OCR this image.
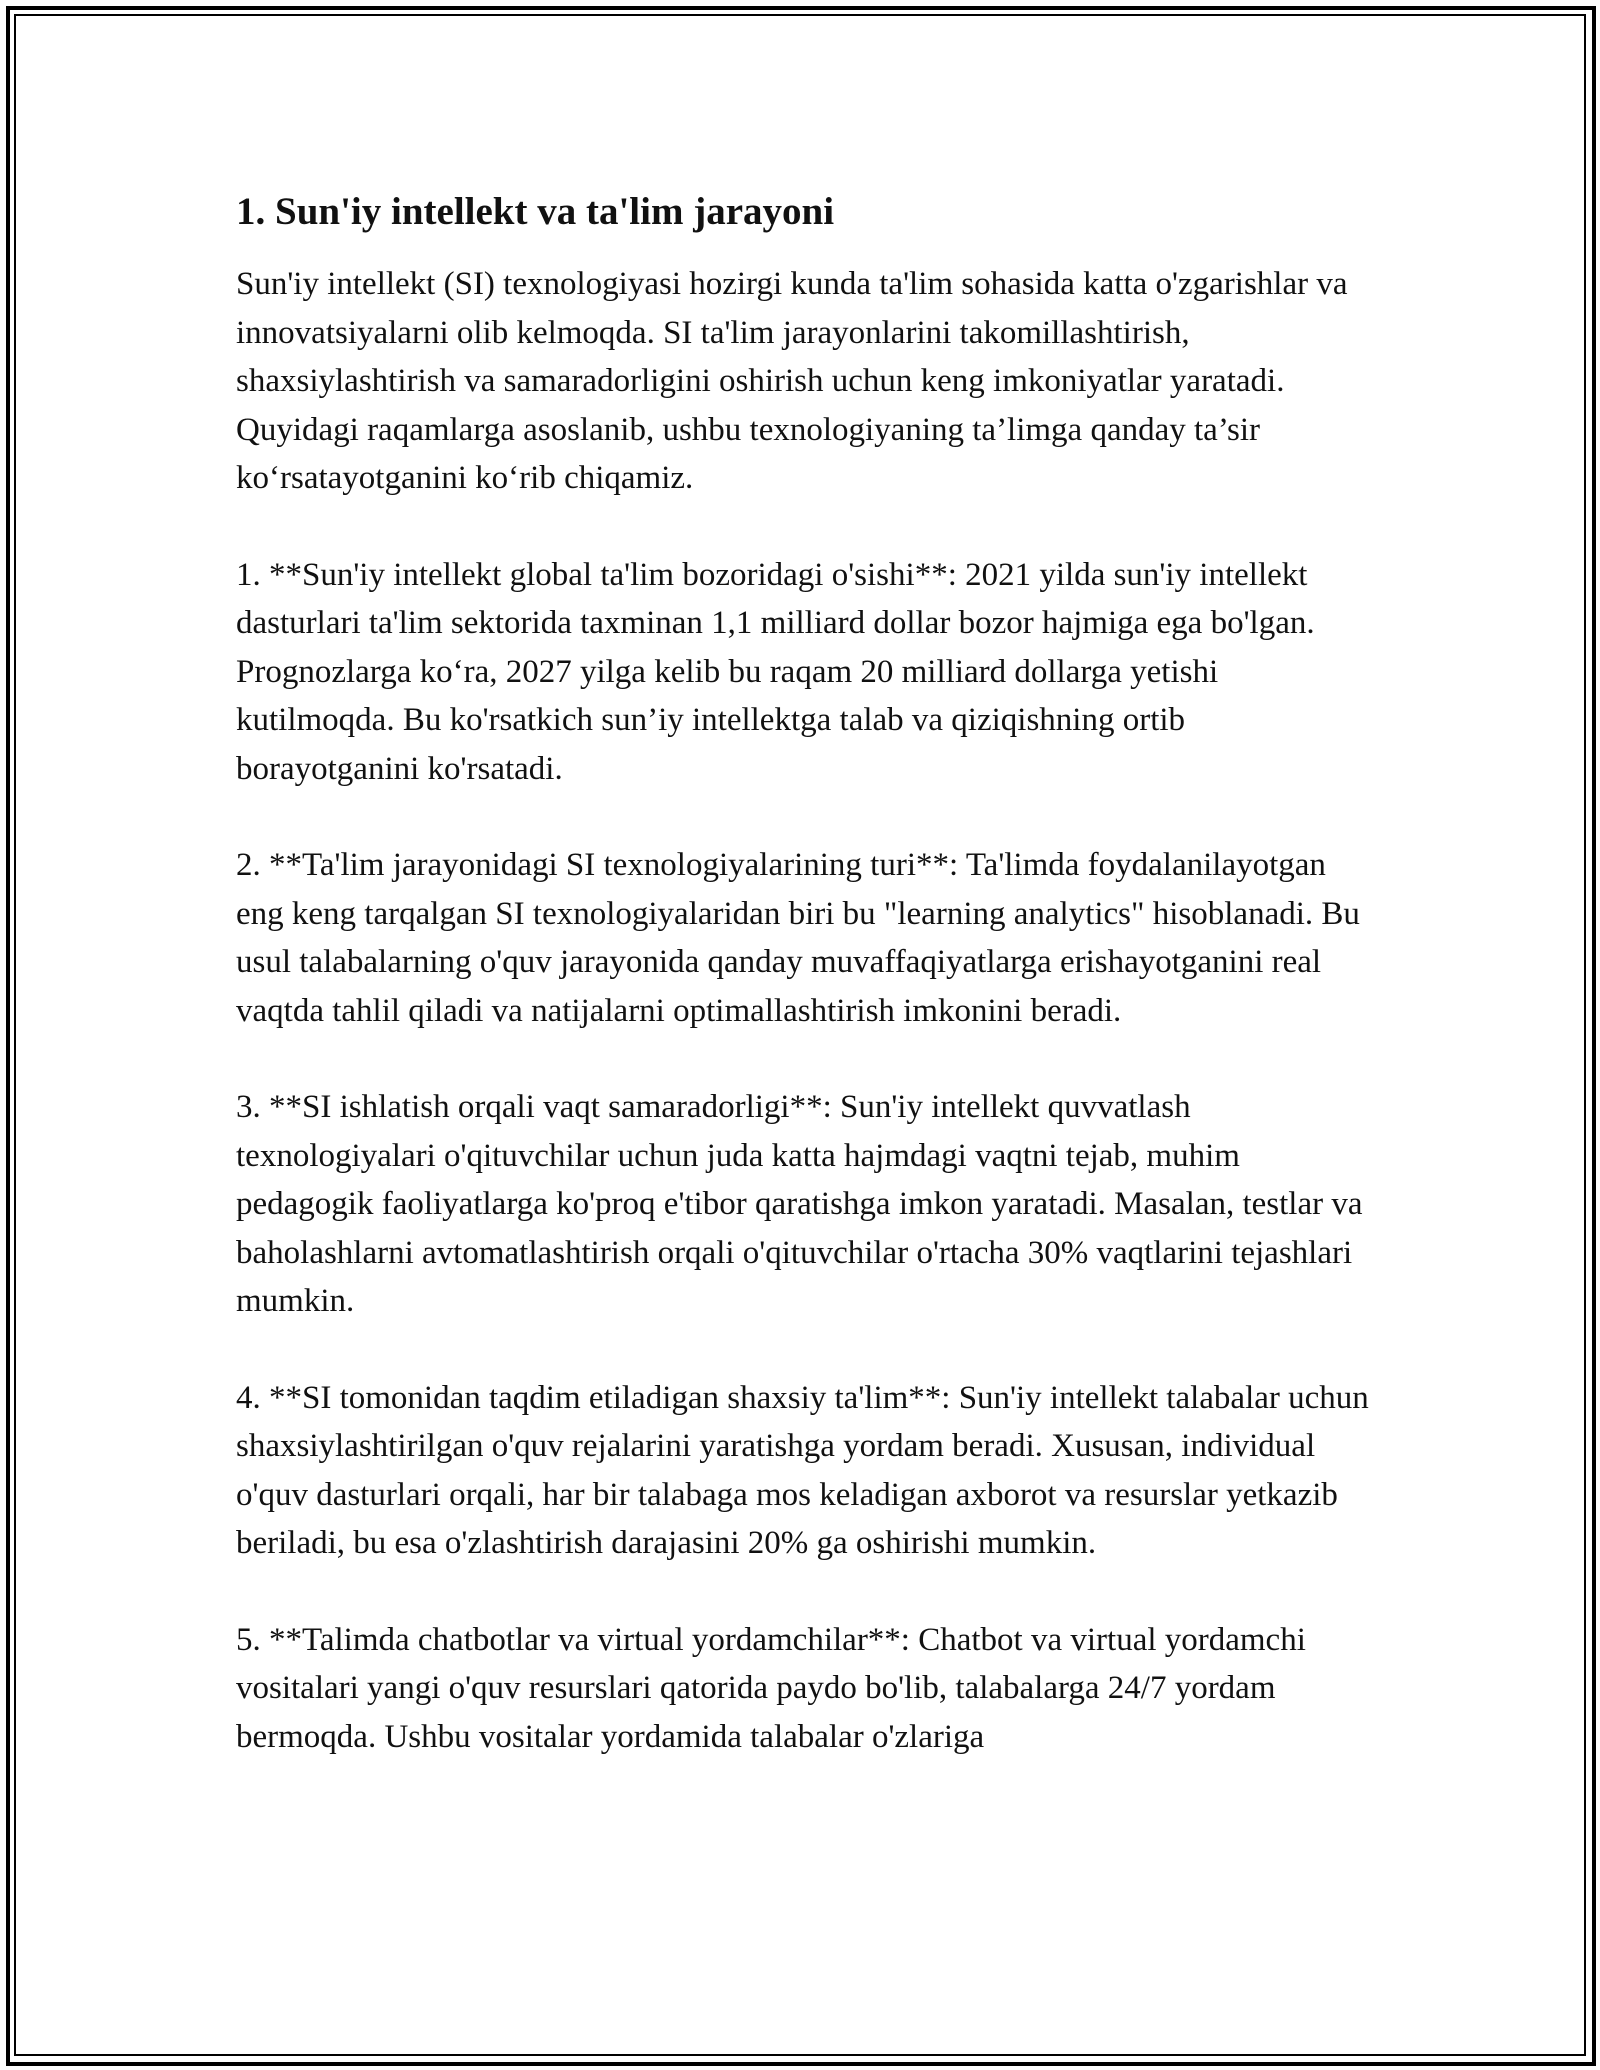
1. Sun'iy intellekt va ta'lim jarayoni

Sun'iy intellekt (SI) texnologiyasi hozirgi kunda ta'lim sohasida katta o'zgarishlar va innovatsiyalarni olib kelmoqda. SI ta'lim jarayonlarini takomillashtirish, shaxsiylashtirish va samaradorligini oshirish uchun keng imkoniyatlar yaratadi. Quyidagi raqamlarga asoslanib, ushbu texnologiyaning ta’limga qanday ta’sir ko‘rsatayotganini ko‘rib chiqamiz.

1. **Sun'iy intellekt global ta'lim bozoridagi o'sishi**: 2021 yilda sun'iy intellekt dasturlari ta'lim sektorida taxminan 1,1 milliard dollar bozor hajmiga ega bo'lgan. Prognozlarga ko‘ra, 2027 yilga kelib bu raqam 20 milliard dollarga yetishi kutilmoqda. Bu ko'rsatkich sun’iy intellektga talab va qiziqishning ortib borayotganini ko'rsatadi.

2. **Ta'lim jarayonidagi SI texnologiyalarining turi**: Ta'limda foydalanilayotgan eng keng tarqalgan SI texnologiyalaridan biri bu "learning analytics" hisoblanadi. Bu usul talabalarning o'quv jarayonida qanday muvaffaqiyatlarga erishayotganini real vaqtda tahlil qiladi va natijalarni optimallashtirish imkonini beradi.

3. **SI ishlatish orqali vaqt samaradorligi**: Sun'iy intellekt quvvatlash texnologiyalari o'qituvchilar uchun juda katta hajmdagi vaqtni tejab, muhim pedagogik faoliyatlarga ko'proq e'tibor qaratishga imkon yaratadi. Masalan, testlar va baholashlarni avtomatlashtirish orqali o'qituvchilar o'rtacha 30% vaqtlarini tejashlari mumkin.

4. **SI tomonidan taqdim etiladigan shaxsiy ta'lim**: Sun'iy intellekt talabalar uchun shaxsiylashtirilgan o'quv rejalarini yaratishga yordam beradi. Xususan, individual o'quv dasturlari orqali, har bir talabaga mos keladigan axborot va resurslar yetkazib beriladi, bu esa o'zlashtirish darajasini 20% ga oshirishi mumkin.

5. **Talimda chatbotlar va virtual yordamchilar**: Chatbot va virtual yordamchi vositalari yangi o'quv resurslari qatorida paydo bo'lib, talabalarga 24/7 yordam bermoqda. Ushbu vositalar yordamida talabalar o'zlariga
